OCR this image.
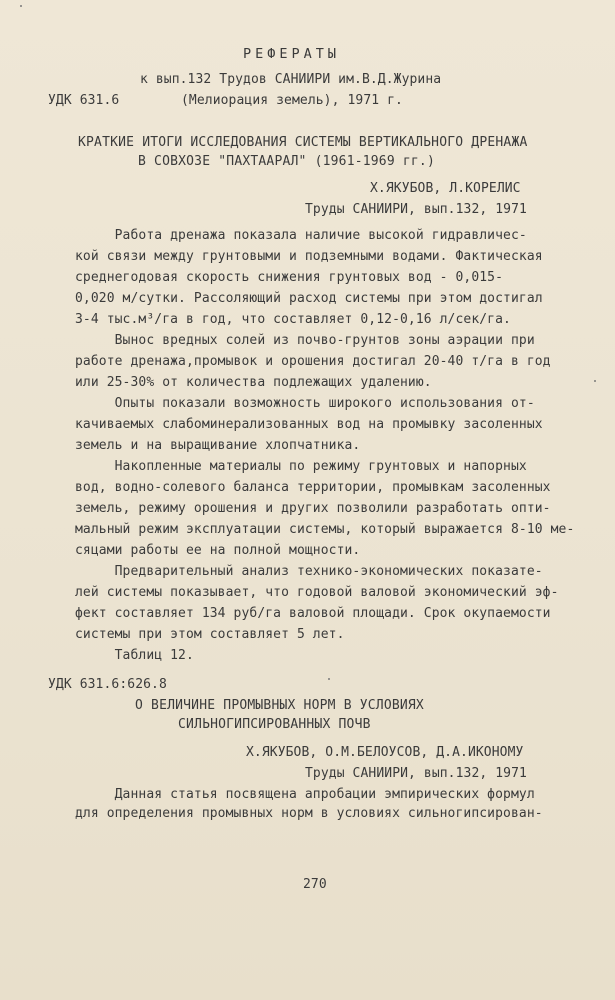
РЕФЕРАТЫ
к вып.132 Трудов САНИИРИ им.В.Д.Журина
УДК 631.6	(Мелиорация земель), 1971 г.
КРАТКИЕ ИТОГИ ИССЛЕДОВАНИЯ СИСТЕМЫ ВЕРТИКАЛЬНОГО ДРЕНАЖА
В СОВХОЗЕ "ПАХТААРАЛ" (1961-1969 гг.)
Х.ЯКУБОВ, Л.КОРЕЛИС
Труды САНИИРИ, вып.132, 1971
Работа дренажа показала наличие высокой гидравличес-
кой связи между грунтовыми и подземными водами. Фактическая
среднегодовая скорость снижения грунтовых вод - 0,015-
0,020 м/сутки. Рассоляющий расход системы при этом достигал
3-4 тыс.м³/га в год, что составляет 0,12-0,16 л/сек/га.
Вынос вредных солей из почво-грунтов зоны аэрации при
работе дренажа,промывок и орошения достигал 20-40 т/га в год
или 25-30% от количества подлежащих удалению.
Опыты показали возможность широкого использования от-
качиваемых слабоминерализованных вод на промывку засоленных
земель и на выращивание хлопчатника.
Накопленные материалы по режиму грунтовых и напорных
вод, водно-солевого баланса территории, промывкам засоленных
земель, режиму орошения и других позволили разработать опти-
мальный режим эксплуатации системы, который выражается 8-10 ме-
сяцами работы ее на полной мощности.
Предварительный анализ технико-экономических показате-
лей системы показывает, что годовой валовой экономический эф-
фект составляет 134 руб/га валовой площади. Срок окупаемости
системы при этом составляет 5 лет.
Таблиц 12.
УДК 631.6:626.8
О ВЕЛИЧИНЕ ПРОМЫВНЫХ НОРМ В УСЛОВИЯХ
СИЛЬНОГИПСИРОВАННЫХ ПОЧВ
Х.ЯКУБОВ, О.М.БЕЛОУСОВ, Д.А.ИКОНОМУ
Труды САНИИРИ, вып.132, 1971
Данная статья посвящена апробации эмпирических формул
для определения промывных норм в условиях сильногипсирован-
270
